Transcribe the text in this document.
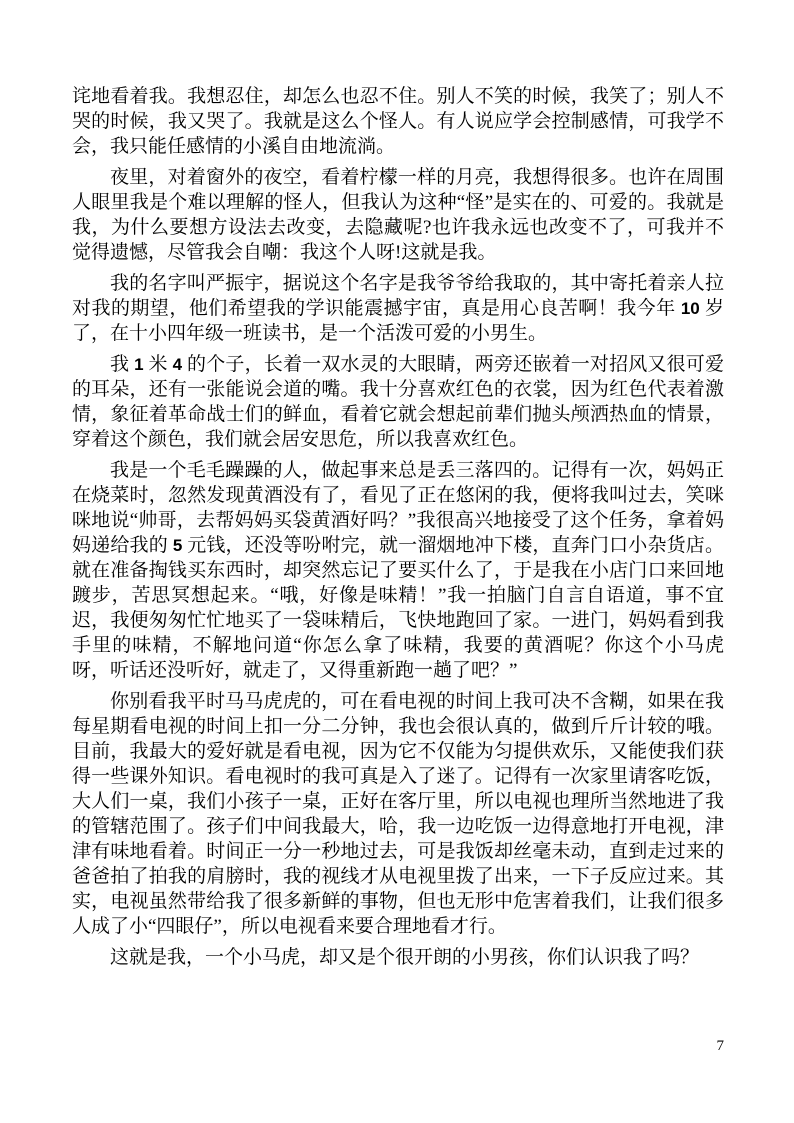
诧地看着我。我想忍住，却怎么也忍不住。别人不笑的时候，我笑了；别人不哭的时候，我又哭了。我就是这么个怪人。有人说应学会控制感情，可我学不会，我只能任感情的小溪自由地流淌。

夜里，对着窗外的夜空，看着柠檬一样的月亮，我想得很多。也许在周围人眼里我是个难以理解的怪人，但我认为这种“怪”是实在的、可爱的。我就是我，为什么要想方设法去改变，去隐藏呢?也许我永远也改变不了，可我并不觉得遗憾，尽管我会自嘲：我这个人呀!这就是我。

我的名字叫严振宇，据说这个名字是我爷爷给我取的，其中寄托着亲人拉对我的期望，他们希望我的学识能震撼宇宙，真是用心良苦啊！我今年 10 岁了，在十小四年级一班读书，是一个活泼可爱的小男生。

我 1 米 4 的个子，长着一双水灵的大眼睛，两旁还嵌着一对招风又很可爱的耳朵，还有一张能说会道的嘴。我十分喜欢红色的衣裳，因为红色代表着激情，象征着革命战士们的鲜血，看着它就会想起前辈们抛头颅洒热血的情景，穿着这个颜色，我们就会居安思危，所以我喜欢红色。

我是一个毛毛躁躁的人，做起事来总是丢三落四的。记得有一次，妈妈正在烧菜时，忽然发现黄酒没有了，看见了正在悠闲的我，便将我叫过去，笑咪咪地说“帅哥，去帮妈妈买袋黄酒好吗？”我很高兴地接受了这个任务，拿着妈妈递给我的 5 元钱，还没等吩咐完，就一溜烟地冲下楼，直奔门口小杂货店。就在准备掏钱买东西时，却突然忘记了要买什么了，于是我在小店门口来回地踱步，苦思冥想起来。“哦，好像是味精！”我一拍脑门自言自语道，事不宜迟，我便匆匆忙忙地买了一袋味精后，飞快地跑回了家。一进门，妈妈看到我手里的味精，不解地问道“你怎么拿了味精，我要的黄酒呢？你这个小马虎呀，听话还没听好，就走了，又得重新跑一趟了吧？”

你别看我平时马马虎虎的，可在看电视的时间上我可决不含糊，如果在我每星期看电视的时间上扣一分二分钟，我也会很认真的，做到斤斤计较的哦。目前，我最大的爱好就是看电视，因为它不仅能为匀提供欢乐，又能使我们获得一些课外知识。看电视时的我可真是入了迷了。记得有一次家里请客吃饭，大人们一桌，我们小孩子一桌，正好在客厅里，所以电视也理所当然地进了我的管辖范围了。孩子们中间我最大，哈，我一边吃饭一边得意地打开电视，津津有味地看着。时间正一分一秒地过去，可是我饭却丝毫未动，直到走过来的爸爸拍了拍我的肩膀时，我的视线才从电视里拨了出来，一下子反应过来。其实，电视虽然带给我了很多新鲜的事物，但也无形中危害着我们，让我们很多人成了小“四眼仔”，所以电视看来要合理地看才行。

这就是我，一个小马虎，却又是个很开朗的小男孩，你们认识我了吗？

7
